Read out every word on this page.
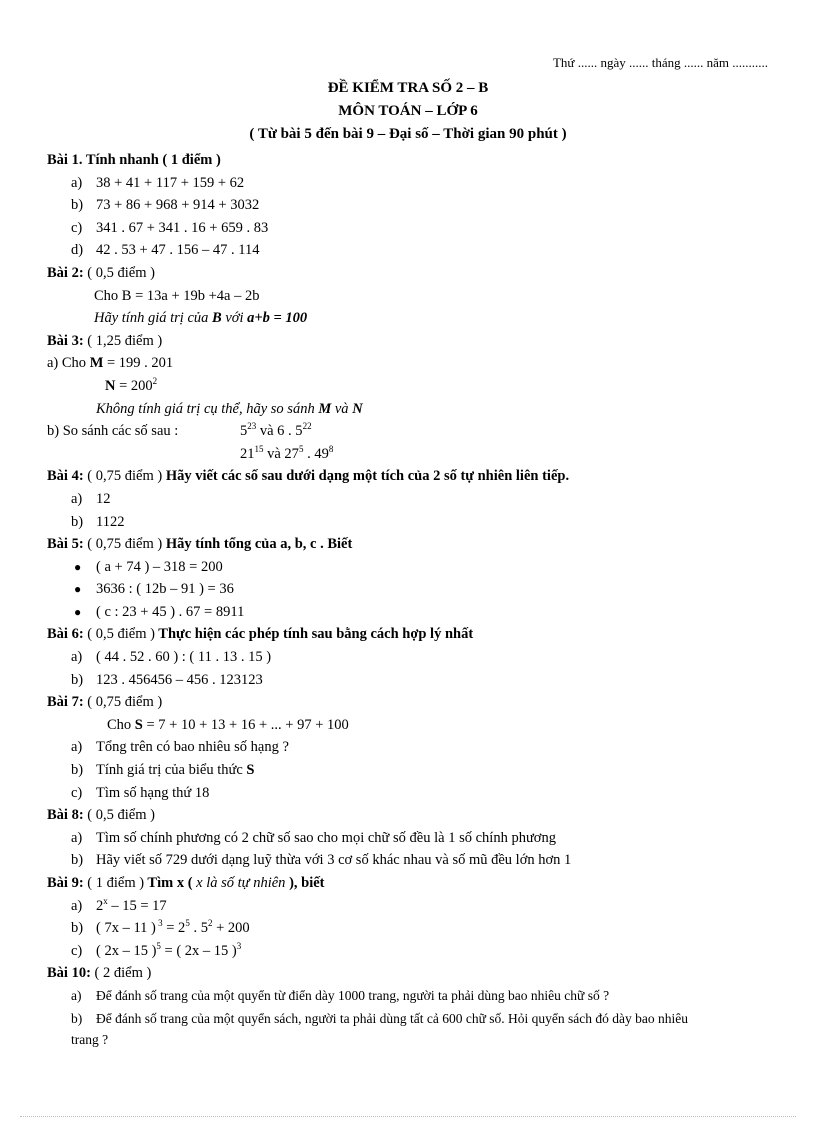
Thứ ...... ngày ...... tháng ...... năm ...........
ĐỀ KIỂM TRA SỐ 2 – B
MÔN TOÁN – LỚP 6
( Từ bài 5 đến bài 9 – Đại số – Thời gian 90 phút )
Bài 1. Tính nhanh ( 1 điểm )
a) 38 + 41 + 117 + 159 + 62
b) 73 + 86 + 968 + 914 + 3032
c) 341 . 67 + 341 . 16 + 659 . 83
d) 42 . 53 + 47 . 156 – 47 . 114
Bài 2: ( 0,5 điểm )
Cho B = 13a + 19b +4a – 2b
Hãy tính giá trị của B với a+b = 100
Bài 3: ( 1,25 điểm )
a) Cho M = 199 . 201
$N = 200^2$
Không tính giá trị cụ thể, hãy so sánh M và N
b) So sánh các số sau :	$5^{23}$ và 6 . $5^{22}$
$21^{15}$ và $27^5$ . $49^8$
Bài 4: ( 0,75 điểm ) Hãy viết các số sau dưới dạng một tích của 2 số tự nhiên liên tiếp.
a) 12
b) 1122
Bài 5: ( 0,75 điểm ) Hãy tính tổng của a, b, c . Biết
● ( a + 74 ) – 318 = 200
● 3636 : ( 12b – 91 ) = 36
● ( c : 23 + 45 ) . 67 = 8911
Bài 6: ( 0,5 điểm ) Thực hiện các phép tính sau bằng cách hợp lý nhất
a) ( 44 . 52 . 60 ) : ( 11 . 13 . 15 )
b) 123 . 456456 – 456 . 123123
Bài 7: ( 0,75 điểm )
Cho S = 7 + 10 + 13 + 16 + ... + 97 + 100
a) Tổng trên có bao nhiêu số hạng ?
b) Tính giá trị của biểu thức S
c) Tìm số hạng thứ 18
Bài 8: ( 0,5 điểm )
a) Tìm số chính phương có 2 chữ số sao cho mọi chữ số đều là 1 số chính phương
b) Hãy viết số 729 dưới dạng luỹ thừa với 3 cơ số khác nhau và số mũ đều lớn hơn 1
Bài 9: ( 1 điểm ) Tìm x ( x là số tự nhiên ), biết
a) 2$^x$ – 15 = 17
b) ( 7x – 11 ) $^3 = 2^5$ . $5^2 + 200$
c) ( 2x – 15 )$^5$ = ( 2x – 15 )$^3$
Bài 10: ( 2 điểm )
a) Để đánh số trang của một quyển từ điển dày 1000 trang, người ta phải dùng bao nhiêu chữ số ?
b)	Để đánh số trang của một quyển sách, người ta phải dùng tất cả 600 chữ số. Hỏi quyển sách đó dày bao nhiêu trang ?
